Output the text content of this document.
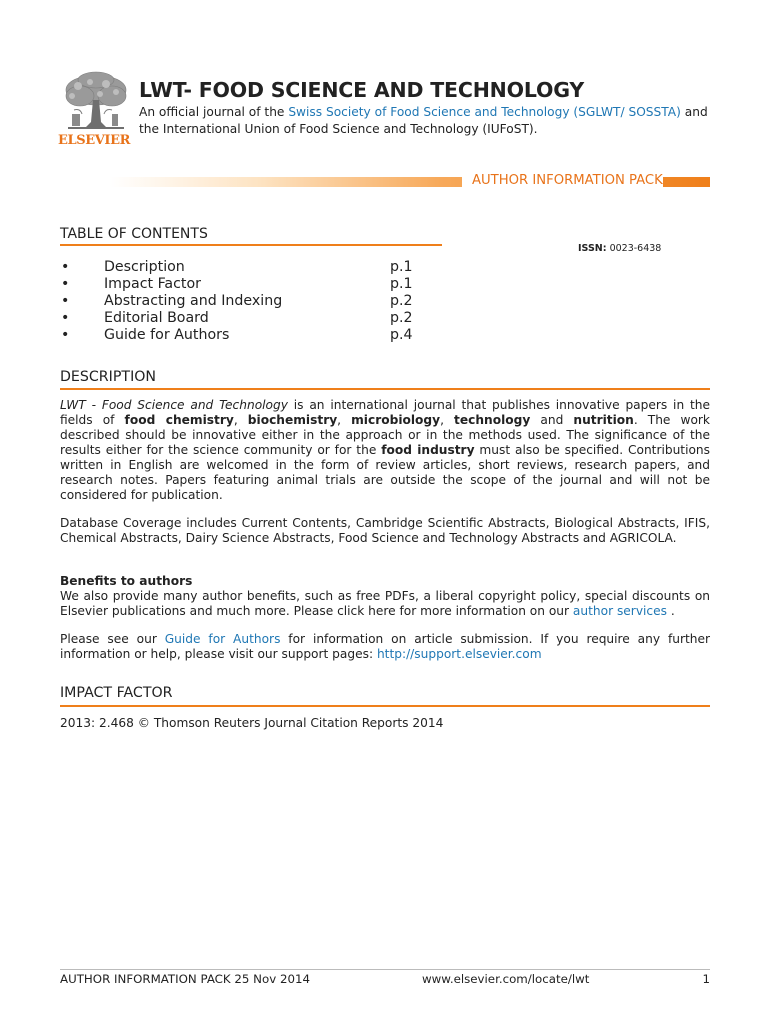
ELSEVIER
LWT- FOOD SCIENCE AND TECHNOLOGY
An official journal of the Swiss Society of Food Science and Technology (SGLWT/ SOSSTA) and the International Union of Food Science and Technology (IUFoST).
AUTHOR INFORMATION PACK
TABLE OF CONTENTS
ISSN: 0023-6438
• Description	p.1
• Impact Factor	p.1
• Abstracting and Indexing	p.2
• Editorial Board	p.2
• Guide for Authors	p.4
DESCRIPTION
LWT - Food Science and Technology is an international journal that publishes innovative papers in the fields of food chemistry, biochemistry, microbiology, technology and nutrition. The work described should be innovative either in the approach or in the methods used. The significance of the results either for the science community or for the food industry must also be specified. Contributions written in English are welcomed in the form of review articles, short reviews, research papers, and research notes. Papers featuring animal trials are outside the scope of the journal and will not be considered for publication.
Database Coverage includes Current Contents, Cambridge Scientific Abstracts, Biological Abstracts, IFIS, Chemical Abstracts, Dairy Science Abstracts, Food Science and Technology Abstracts and AGRICOLA.
Benefits to authors
We also provide many author benefits, such as free PDFs, a liberal copyright policy, special discounts on Elsevier publications and much more. Please click here for more information on our author services .
Please see our Guide for Authors for information on article submission. If you require any further information or help, please visit our support pages: http://support.elsevier.com
IMPACT FACTOR
2013: 2.468 © Thomson Reuters Journal Citation Reports 2014
AUTHOR INFORMATION PACK 25 Nov 2014	www.elsevier.com/locate/lwt	1
